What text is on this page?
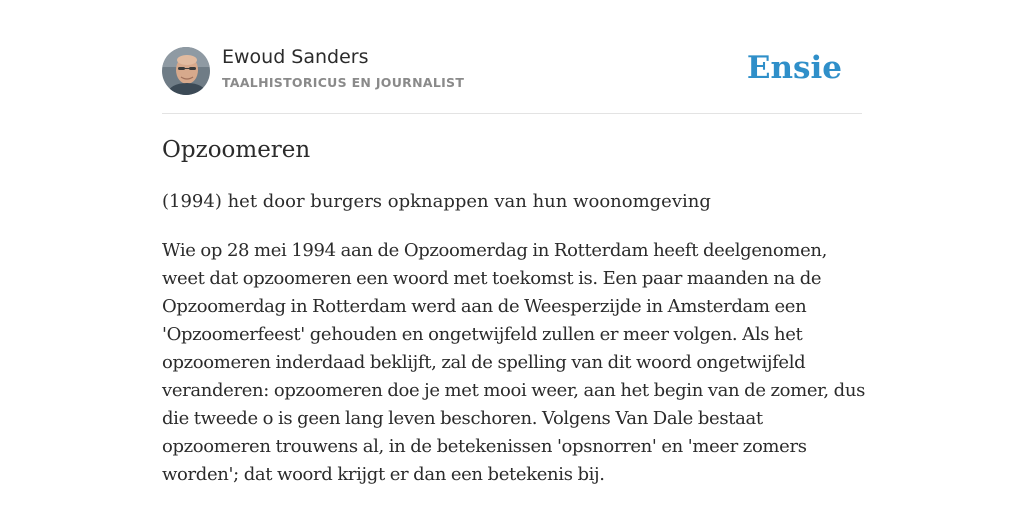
Ewoud Sanders
TAALHISTORICUS EN JOURNALIST	Ensie
Opzoomeren

(1994) het door burgers opknappen van hun woonomgeving

Wie op 28 mei 1994 aan de Opzoomerdag in Rotterdam heeft deelgenomen, weet dat opzoomeren een woord met toekomst is. Een paar maanden na de Opzoomerdag in Rotterdam werd aan de Weesperzijde in Amsterdam een 'Opzoomerfeest' gehouden en ongetwijfeld zullen er meer volgen. Als het opzoomeren inderdaad beklijft, zal de spelling van dit woord ongetwijfeld veranderen: opzoomeren doe je met mooi weer, aan het begin van de zomer, dus die tweede o is geen lang leven beschoren. Volgens Van Dale bestaat opzoomeren trouwens al, in de betekenissen 'opsnorren' en 'meer zomers worden'; dat woord krijgt er dan een betekenis bij.
